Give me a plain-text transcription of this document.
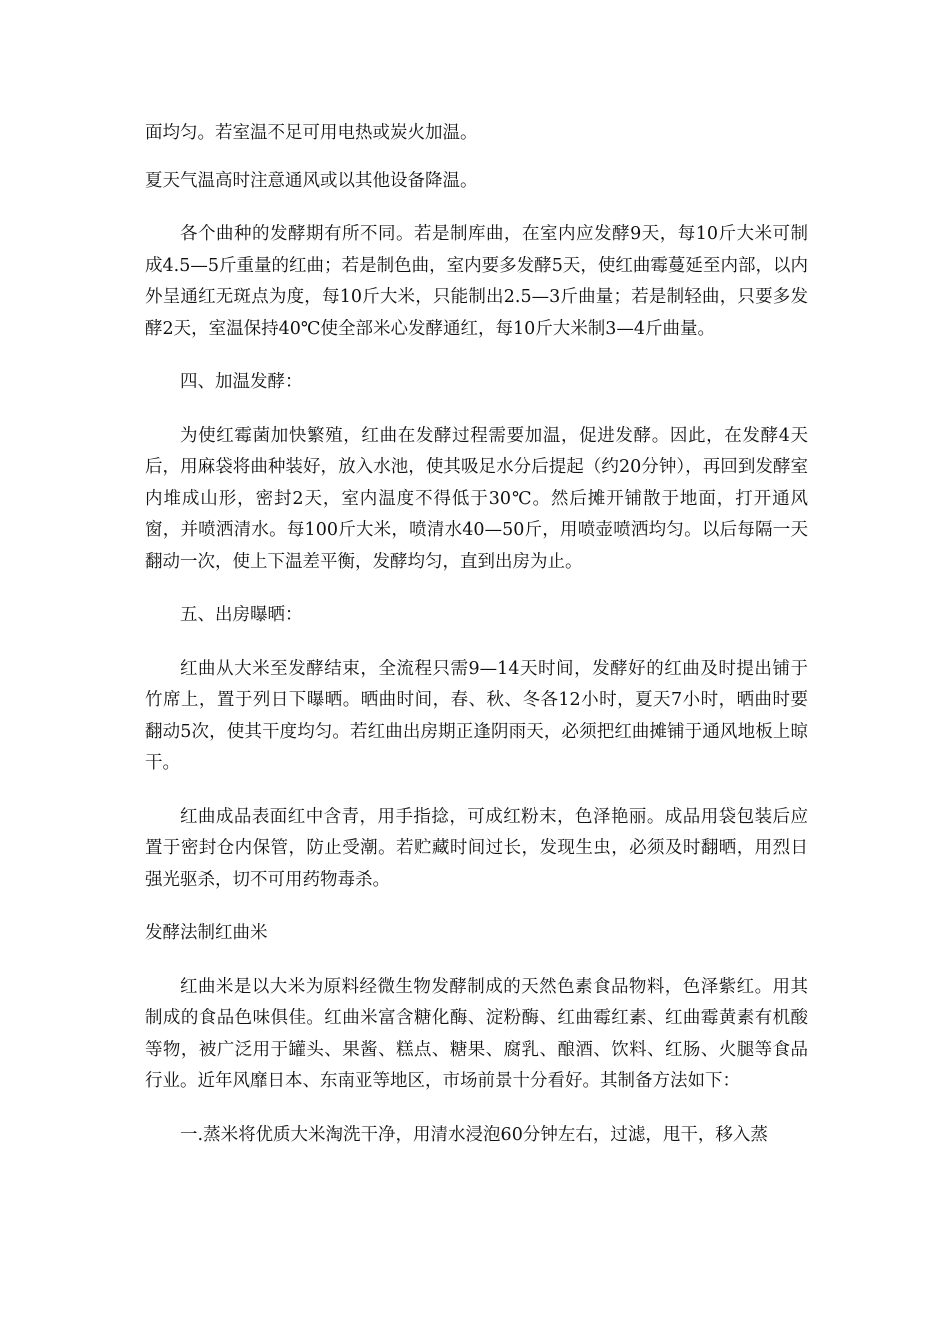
面均匀。若室温不足可用电热或炭火加温。

夏天气温高时注意通风或以其他设备降温。

各个曲种的发酵期有所不同。若是制库曲，在室内应发酵9天，每10斤大米可制成4.5—5斤重量的红曲；若是制色曲，室内要多发酵5天，使红曲霉蔓延至内部，以内外呈通红无斑点为度，每10斤大米，只能制出2.5—3斤曲量；若是制轻曲，只要多发酵2天，室温保持40℃使全部米心发酵通红，每10斤大米制3—4斤曲量。

四、加温发酵：

为使红霉菌加快繁殖，红曲在发酵过程需要加温，促进发酵。因此，在发酵4天后，用麻袋将曲种装好，放入水池，使其吸足水分后提起（约20分钟），再回到发酵室内堆成山形，密封2天，室内温度不得低于30℃。然后摊开铺散于地面，打开通风窗，并喷洒清水。每100斤大米，喷清水40—50斤，用喷壶喷洒均匀。以后每隔一天翻动一次，使上下温差平衡，发酵均匀，直到出房为止。

五、出房曝晒：

红曲从大米至发酵结束，全流程只需9—14天时间，发酵好的红曲及时提出铺于竹席上，置于列日下曝晒。晒曲时间，春、秋、冬各12小时，夏天7小时，晒曲时要翻动5次，使其干度均匀。若红曲出房期正逢阴雨天，必须把红曲摊铺于通风地板上晾干。

红曲成品表面红中含青，用手指捻，可成红粉末，色泽艳丽。成品用袋包装后应置于密封仓内保管，防止受潮。若贮藏时间过长，发现生虫，必须及时翻晒，用烈日强光驱杀，切不可用药物毒杀。

发酵法制红曲米

红曲米是以大米为原料经微生物发酵制成的天然色素食品物料，色泽紫红。用其制成的食品色味俱佳。红曲米富含糖化酶、淀粉酶、红曲霉红素、红曲霉黄素有机酸等物，被广泛用于罐头、果酱、糕点、糖果、腐乳、酿酒、饮料、红肠、火腿等食品行业。近年风靡日本、东南亚等地区，市场前景十分看好。其制备方法如下：

一.蒸米将优质大米淘洗干净，用清水浸泡60分钟左右，过滤，甩干，移入蒸
